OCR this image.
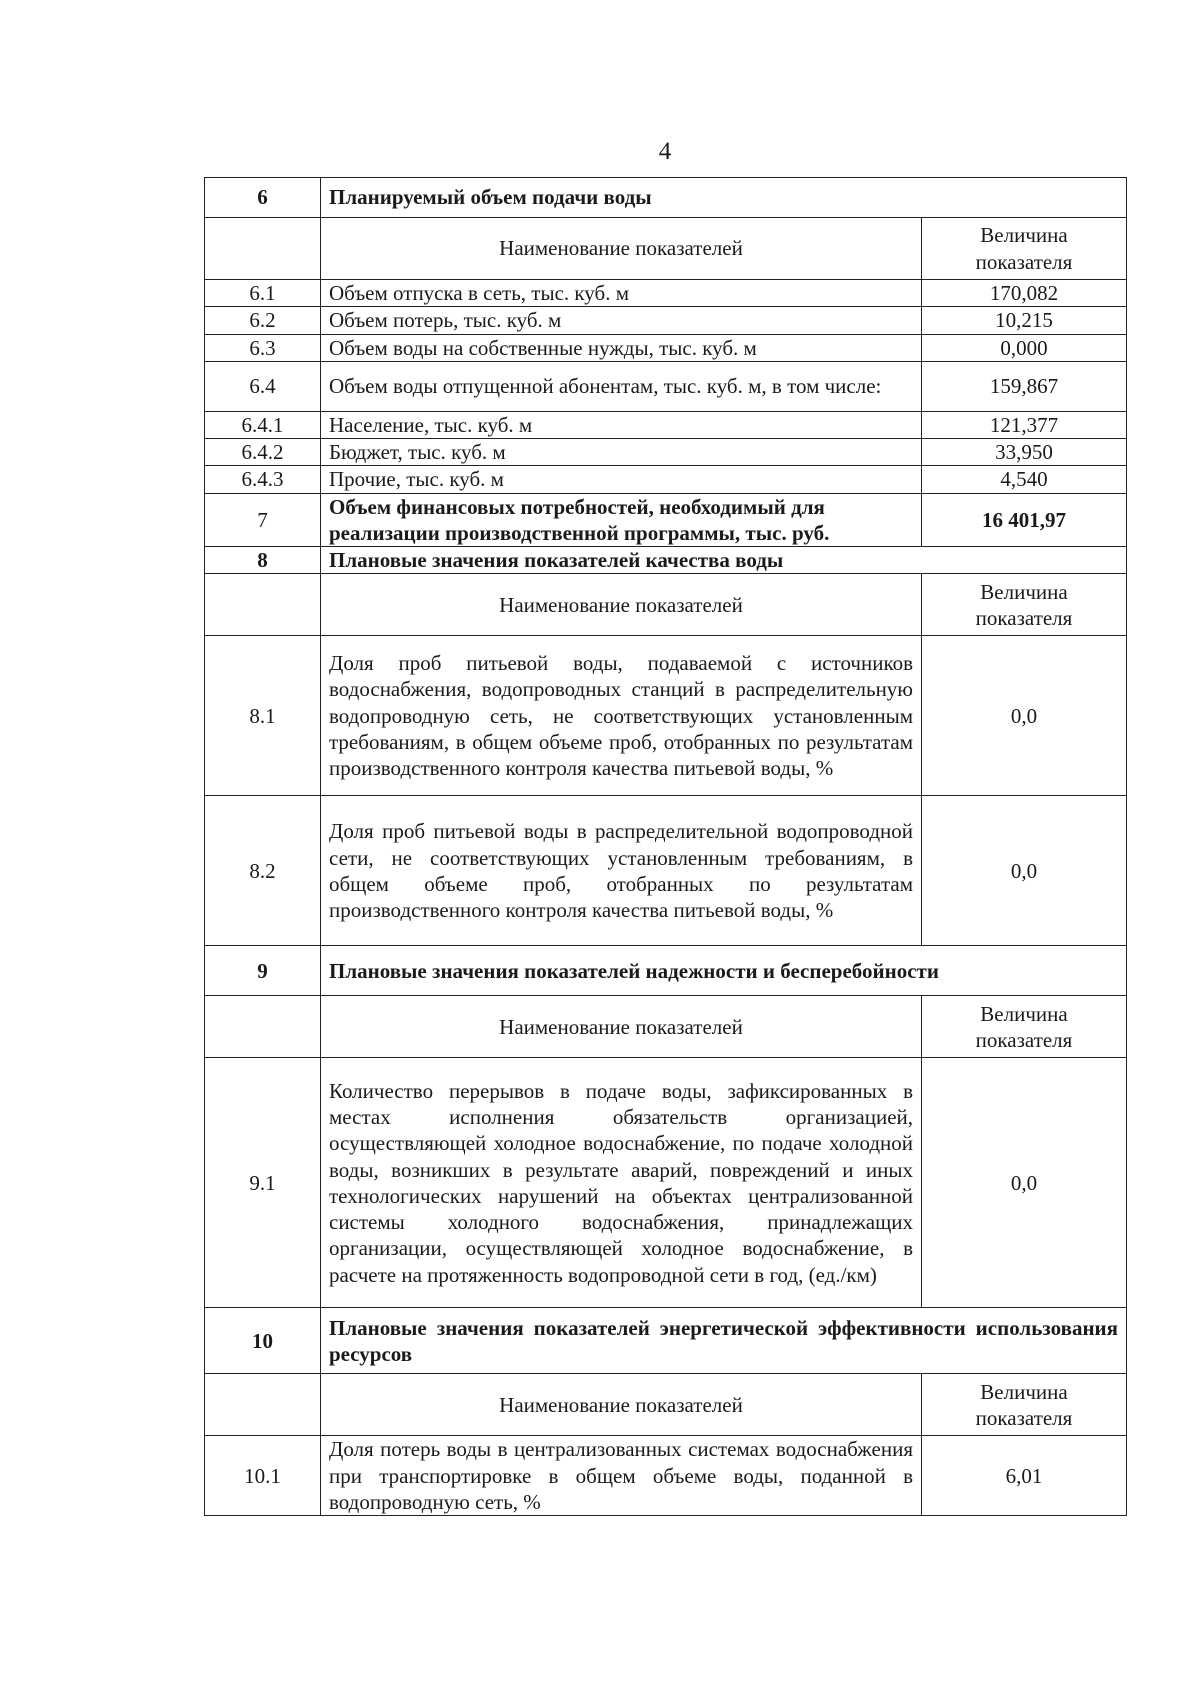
4
6	Планируемый объем подачи воды	
	Наименование показателей	Величина показателя
6.1	Объем отпуска в сеть, тыс. куб. м	170,082
6.2	Объем потерь, тыс. куб. м	10,215
6.3	Объем воды на собственные нужды, тыс. куб. м	0,000
6.4	Объем воды отпущенной абонентам, тыс. куб. м, в том числе:	159,867
6.4.1	Население, тыс. куб. м	121,377
6.4.2	Бюджет, тыс. куб. м	33,950
6.4.3	Прочие, тыс. куб. м	4,540
7	Объем финансовых потребностей, необходимый для реализации производственной программы, тыс. руб.	16 401,97
8	Плановые значения показателей качества воды	
	Наименование показателей	Величина показателя
8.1	Доля проб питьевой воды, подаваемой с источников водоснабжения, водопроводных станций в распределительную водопроводную сеть, не соответствующих установленным требованиям, в общем объеме проб, отобранных по результатам производственного контроля качества питьевой воды, %	0,0
8.2	Доля проб питьевой воды в распределительной водопроводной сети, не соответствующих установленным требованиям, в общем объеме проб, отобранных по результатам производственного контроля качества питьевой воды, %	0,0
9	Плановые значения показателей надежности и бесперебойности	
	Наименование показателей	Величина показателя
9.1	Количество перерывов в подаче воды, зафиксированных в местах исполнения обязательств организацией, осуществляющей холодное водоснабжение, по подаче холодной воды, возникших в результате аварий, повреждений и иных технологических нарушений на объектах централизованной системы холодного водоснабжения, принадлежащих организации, осуществляющей холодное водоснабжение, в расчете на протяженность водопроводной сети в год, (ед./км)	0,0
10	Плановые значения показателей энергетической эффективности использования ресурсов	
	Наименование показателей	Величина показателя
10.1	Доля потерь воды в централизованных системах водоснабжения при транспортировке в общем объеме воды, поданной в водопроводную сеть, %	6,01
